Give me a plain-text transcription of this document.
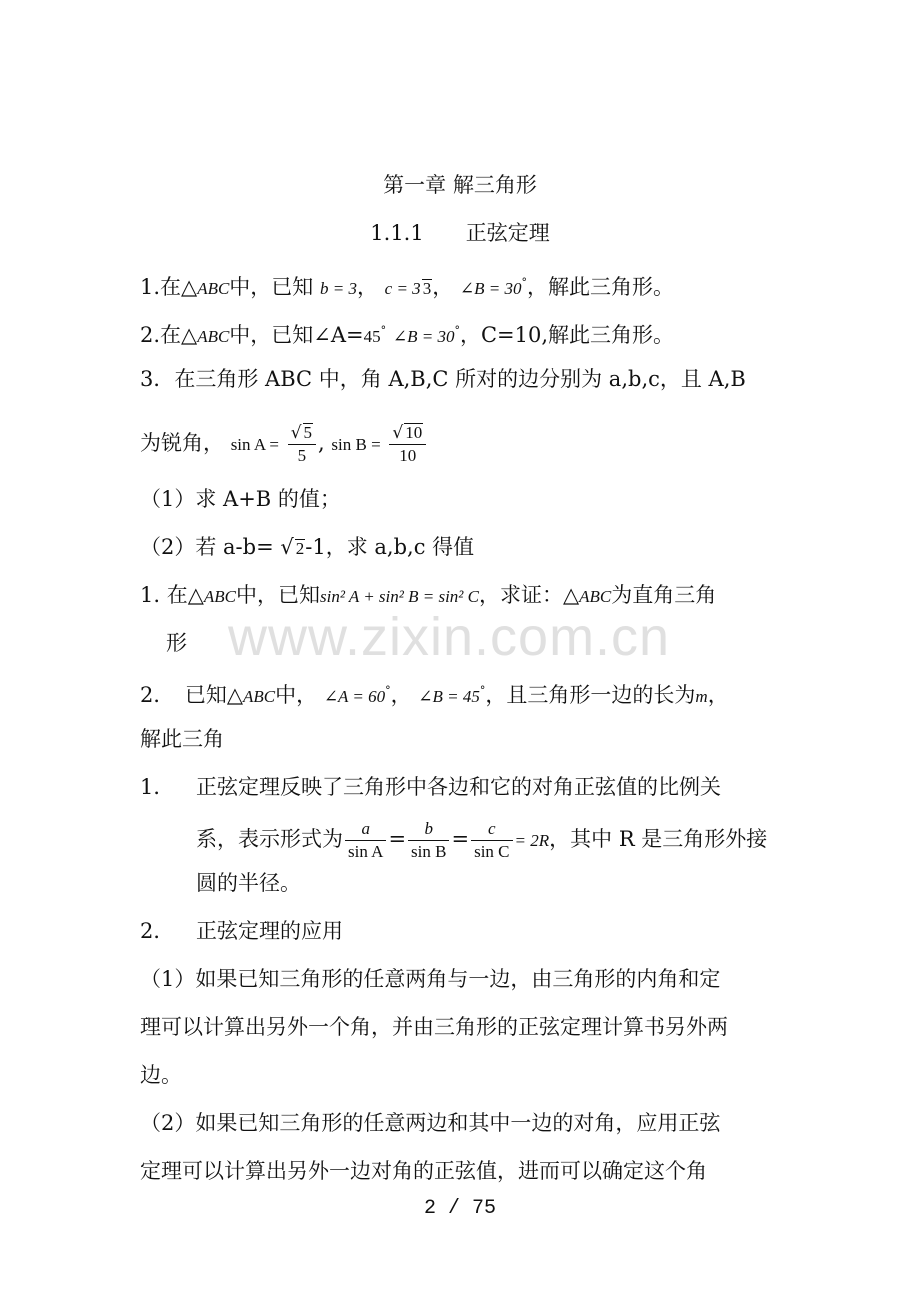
第一章 解三角形
1.1.1　　正弦定理
1.在△ABC中，已知 b = 3， c = 3 3， ∠B = 30°，解此三角形。
2.在△ABC中，已知∠A=45° ∠B = 30°，C=10,解此三角形。
3．在三角形 ABC 中，角 A,B,C 所对的边分别为 a,b,c，且 A,B
为锐角， $\sin A = \frac{√ 5}{5}$ , $\sin B = \frac{√ 10}{10}$
（1）求 A+B 的值；
（2）若 a-b= √ 2-1，求 a,b,c 得值
1. 在△ABC中，已知sin² A + sin² B = sin² C，求证：△ABC为直角三角
形
2．　已知△ABC中， ∠A = 60°， ∠B = 45°，且三角形一边的长为m，
解此三角
1． 正弦定理反映了三角形中各边和它的对角正弦值的比例关
系，表示形式为 $\frac{a}{\text{sin A}} = \frac{b}{\text{sin B}} = \frac{c}{\text{sin C}} = 2R$，其中 R 是三角形外接
圆的半径。
2． 正弦定理的应用
（1）如果已知三角形的任意两角与一边，由三角形的内角和定
理可以计算出另外一个角，并由三角形的正弦定理计算书另外两
边。
（2）如果已知三角形的任意两边和其中一边的对角，应用正弦
定理可以计算出另外一边对角的正弦值，进而可以确定这个角
www.zixin.com.cn
2 / 75
